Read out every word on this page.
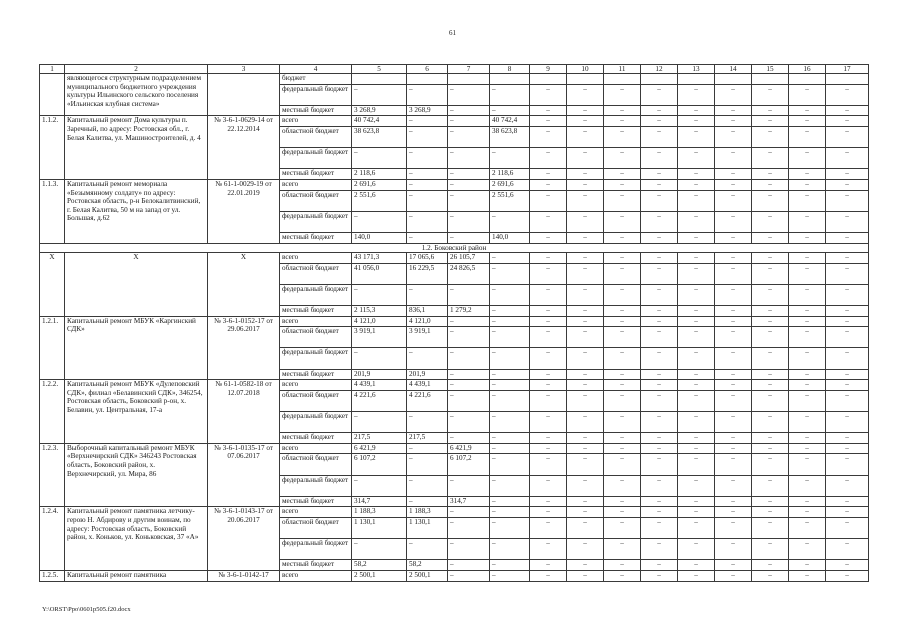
61
1	2	3	4	5	6	7	8	9	10	11	12	13	14	15	16	17
	являющегося структурным подразделением муниципального бюджетного учреждения культуры Ильинского сельского поселения «Ильинская клубная система»		бюджет													
			федеральный бюджет	–	–	–	–	–	–	–	–	–	–	–	–	–
			местный бюджет	3 268,9	3 268,9	–	–	–	–	–	–	–	–	–	–	–
1.1.2.	Капитальный ремонт Дома культуры п. Заречный, по адресу: Ростовская обл., г. Белая Калитва, ул. Машиностроителей, д. 4	№ 3-6-1-0629-14 от 22.12.2014	всего	40 742,4	–	–	40 742,4	–	–	–	–	–	–	–	–	–
			областной бюджет	38 623,8	–	–	38 623,8	–	–	–	–	–	–	–	–	–
			федеральный бюджет	–	–	–	–	–	–	–	–	–	–	–	–	–
			местный бюджет	2 118,6	–	–	2 118,6	–	–	–	–	–	–	–	–	–
1.1.3.	Капитальный ремонт мемориала «Безымянному солдату» по адресу: Ростовская область, р-н Белокалитвинский, г. Белая Калитва, 50 м на запад от ул. Большая, д.62	№ 61-1-0029-19 от 22.01.2019	всего	2 691,6	–	–	2 691,6	–	–	–	–	–	–	–	–	–
			областной бюджет	2 551,6	–	–	2 551,6	–	–	–	–	–	–	–	–	–
			федеральный бюджет	–	–	–	–	–	–	–	–	–	–	–	–	–
			местный бюджет	140,0	–	–	140,0	–	–	–	–	–	–	–	–	–
1.2. Боковский район																
Х	Х	Х	всего	43 171,3	17 065,6	26 105,7	–	–	–	–	–	–	–	–	–	–
			областной бюджет	41 056,0	16 229,5	24 826,5	–	–	–	–	–	–	–	–	–	–
			федеральный бюджет	–	–	–	–	–	–	–	–	–	–	–	–	–
			местный бюджет	2 115,3	836,1	1 279,2	–	–	–	–	–	–	–	–	–	–
1.2.1.	Капитальный ремонт МБУК «Каргинский СДК»	№ 3-6-1-0152-17 от 29.06.2017	всего	4 121,0	4 121,0	–	–	–	–	–	–	–	–	–	–	–
			областной бюджет	3 919,1	3 919,1	–	–	–	–	–	–	–	–	–	–	–
			федеральный бюджет	–	–	–	–	–	–	–	–	–	–	–	–	–
			местный бюджет	201,9	201,9	–	–	–	–	–	–	–	–	–	–	–
1.2.2.	Капитальный ремонт МБУК «Дулеповский СДК», филиал «Белавинский СДК», 346254, Ростовская область, Боковский р-он, х. Белавин, ул. Центральная, 17-а	№ 61-1-0582-18 от 12.07.2018	всего	4 439,1	4 439,1	–	–	–	–	–	–	–	–	–	–	–
			областной бюджет	4 221,6	4 221,6	–	–	–	–	–	–	–	–	–	–	–
			федеральный бюджет	–	–	–	–	–	–	–	–	–	–	–	–	–
			местный бюджет	217,5	217,5	–	–	–	–	–	–	–	–	–	–	–
1.2.3.	Выборочный капитальный ремонт МБУК «Верхнечирский СДК» 346243 Ростовская область, Боковский район, х. Верхнечирский, ул. Мира, 86	№ 3-6-1-0135-17 от 07.06.2017	всего	6 421,9	–	6 421,9	–	–	–	–	–	–	–	–	–	–
			областной бюджет	6 107,2	–	6 107,2	–	–	–	–	–	–	–	–	–	–
			федеральный бюджет	–	–	–	–	–	–	–	–	–	–	–	–	–
			местный бюджет	314,7	–	314,7	–	–	–	–	–	–	–	–	–	–
1.2.4.	Капитальный ремонт памятника летчику-герою Н. Абдирову и другим воинам, по адресу: Ростовская область, Боковский район, х. Коньков, ул. Коньковская, 37 «А»	№ 3-6-1-0143-17 от 20.06.2017	всего	1 188,3	1 188,3	–	–	–	–	–	–	–	–	–	–	–
			областной бюджет	1 130,1	1 130,1	–	–	–	–	–	–	–	–	–	–	–
			федеральный бюджет	–	–	–	–	–	–	–	–	–	–	–	–	–
			местный бюджет	58,2	58,2	–	–	–	–	–	–	–	–	–	–	–
1.2.5.	Капитальный ремонт памятника	№ 3-6-1-0142-17	всего	2 500,1	2 500,1	–	–	–	–	–	–	–	–	–	–	–
Y:\ORST\Ppo\0601p505.f20.docx
